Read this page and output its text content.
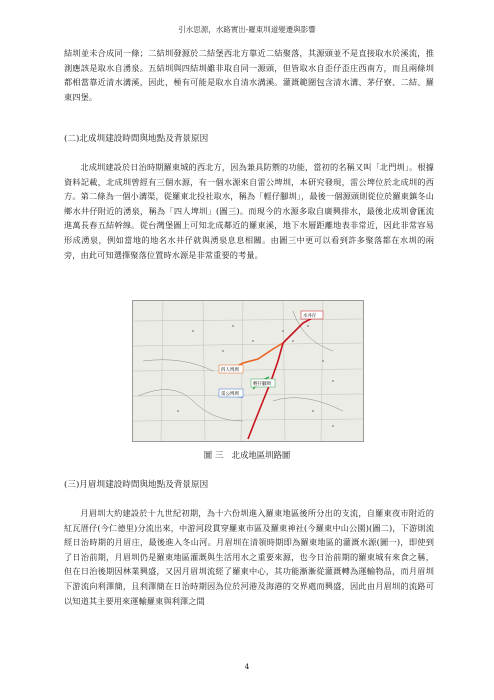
引水思源，水路實出-羅東圳道變遷與影響

結圳並未合成同一條；二結圳發源於二結堡西北方靠近二結聚落，其源頭並不是直接取水於溪流，推測應該是取水自湧泉。五結圳與四結圳雖非取自同一源頭，但皆取水自歪仔歪庄西南方，而且兩條圳都相當靠近清水溝溪，因此，極有可能是取水自清水溝溪。灌溉範圍包含清水溝、茅仔寮、二結、羅東四堡。

(二)北成圳建設時間與地點及背景原因

北成圳建設於日治時期羅東城的西北方，因為兼具防禦的功能，當初的名稱又叫「北門圳」。根據資料記載，北成圳曾經有三個水源，有一個水源來自雷公埤圳，本研究發現，雷公埤位於北成圳的西方。第二條為一個小溝渠，從羅東北投社取水，稱為「輕仔腳圳」，最後一個源頭則從位於羅東鎮冬山鄉水井仔附近的湧泉，稱為「四人埤圳」(圖三)。而現今的水源多取自廣興排水，最後北成圳會匯流進萬長春五結幹線。從台灣堡圖上可知北成鄰近的羅東溪，地下水層距離地表非常近，因此非常容易形成湧泉，例如當地的地名水井仔就與湧泉息息相關。由圖三中更可以看到許多聚落都在水圳的兩旁，由此可知選擇聚落位置時水源是非常重要的考量。

水井仔
四人埤圳
雷公埤圳
輕仔腳圳
圖 三　北成地區圳路圖

(三)月眉圳建設時間與地點及背景原因

月眉圳大約建設於十九世紀初期，為十六份圳進入羅東地區後所分出的支流，自羅東夜市附近的紅瓦厝仔(今仁德里)分流出來，中游河段貫穿羅東市區及羅東神社(今羅東中山公園)(圖二)，下游則流經日治時期的月眉庄，最後進入冬山河。月眉圳在清領時期即為羅東地區的灌溉水源(圖一)，即使到了日治前期，月眉圳仍是羅東地區灌溉與生活用水之重要來源，也今日治前期的羅東城有來食之稱，但在日治後期因林業興盛，又因月眉圳流經了羅東中心，其功能漸漸從灌溉轉為運輸物品，而月眉圳下游流向利澤簡，且利澤簡在日治時期因為位於河港及海港的交界處而興盛，因此由月眉圳的流路可以知道其主要用來運輸羅東與利澤之間

4
